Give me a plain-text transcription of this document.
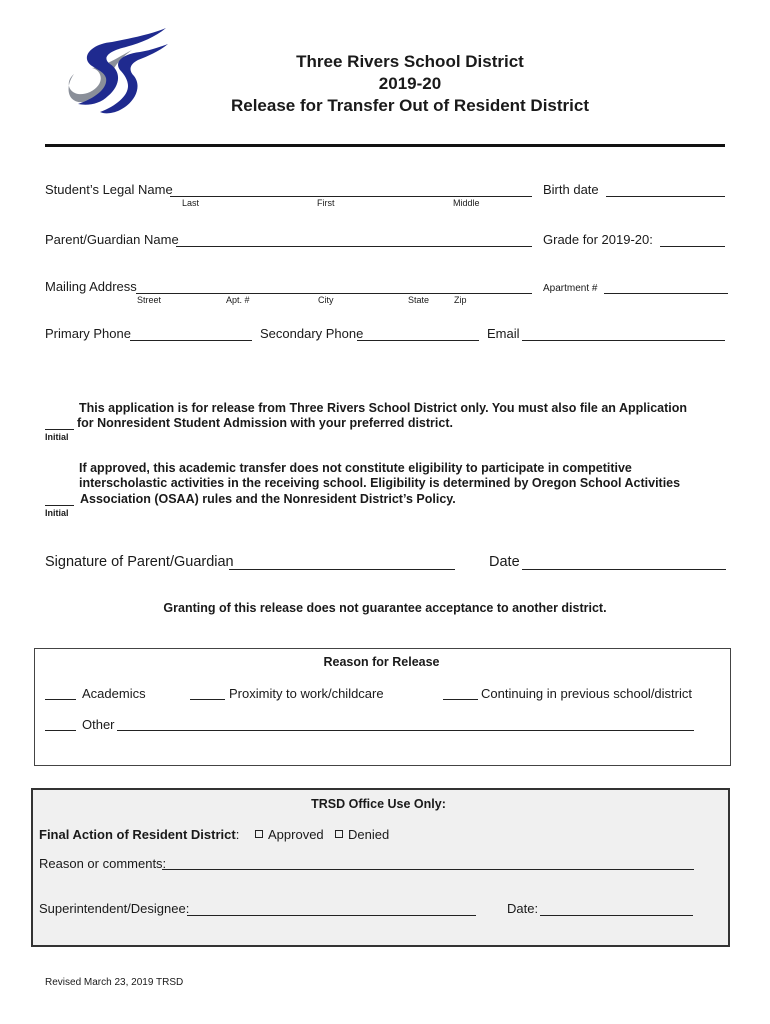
Three Rivers School District
2019-20
Release for Transfer Out of Resident District
Student’s Legal Name
Last	First	Middle
Birth date
Parent/Guardian Name	Grade for 2019-20:
Mailing Address
Street	Apt. #	City	State	Zip
Apartment #
Primary Phone	Secondary Phone	Email
This application is for release from Three Rivers School District only. You must also file an Application
for Nonresident Student Admission with your preferred district.
Initial
If approved, this academic transfer does not constitute eligibility to participate in competitive
interscholastic activities in the receiving school. Eligibility is determined by Oregon School Activities
Association (OSAA) rules and the Nonresident District’s Policy.
Initial
Signature of Parent/Guardian	Date
Granting of this release does not guarantee acceptance to another district.
Reason for Release
Academics	Proximity to work/childcare	Continuing in previous school/district
Other
TRSD Office Use Only:
Final Action of Resident District:	Approved	Denied
Reason or comments:
Superintendent/Designee:	Date:
Revised March 23, 2019 TRSD
